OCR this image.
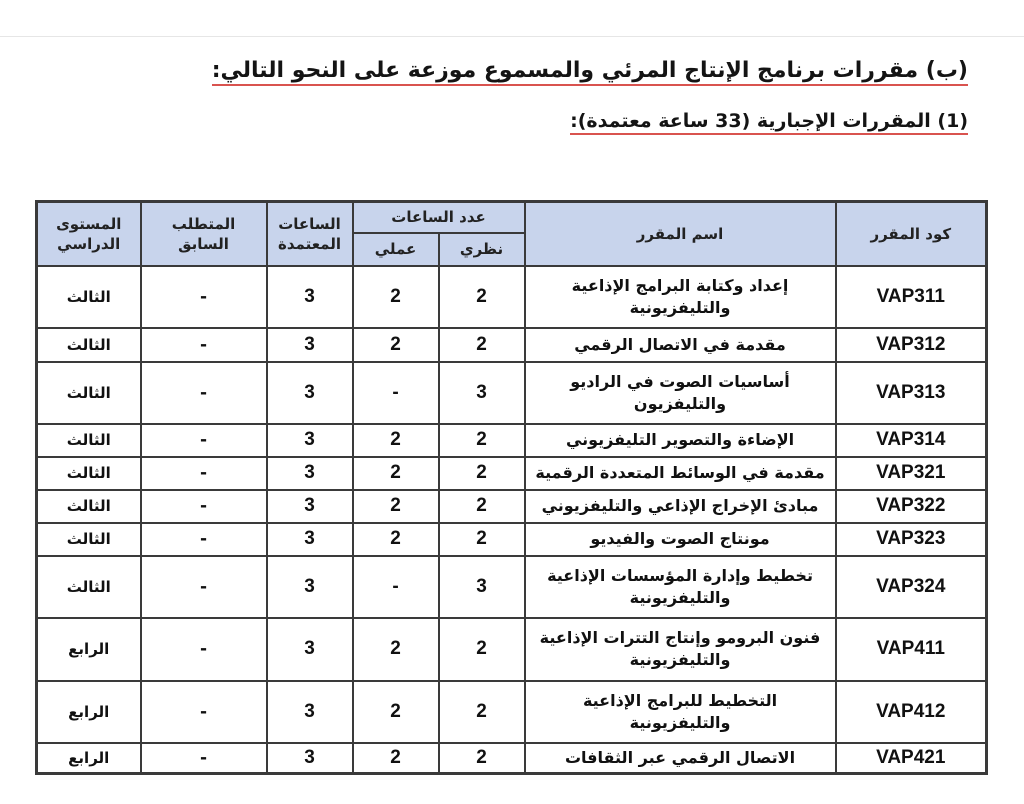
(ب) مقررات برنامج الإنتاج المرئي والمسموع موزعة على النحو التالي:
(1) المقررات الإجبارية (33 ساعة معتمدة):
كود المقرر	اسم المقرر	عدد الساعات		الساعات المعتمدة	المتطلب السابق	المستوى الدراسي
		نظري	عملي			
VAP311	إعداد وكتابة البرامج الإذاعية والتليفزيونية	2	2	3	-	الثالث
VAP312	مقدمة في الاتصال الرقمي	2	2	3	-	الثالث
VAP313	أساسيات الصوت في الراديو والتليفزيون	3	-	3	-	الثالث
VAP314	الإضاءة والتصوير التليفزيوني	2	2	3	-	الثالث
VAP321	مقدمة في الوسائط المتعددة الرقمية	2	2	3	-	الثالث
VAP322	مبادئ الإخراج الإذاعي والتليفزيوني	2	2	3	-	الثالث
VAP323	مونتاج الصوت والفيديو	2	2	3	-	الثالث
VAP324	تخطيط وإدارة المؤسسات الإذاعية والتليفزيونية	3	-	3	-	الثالث
VAP411	فنون البرومو وإنتاج التترات الإذاعية والتليفزيونية	2	2	3	-	الرابع
VAP412	التخطيط للبرامج الإذاعية والتليفزيونية	2	2	3	-	الرابع
VAP421	الاتصال الرقمي عبر الثقافات	2	2	3	-	الرابع
